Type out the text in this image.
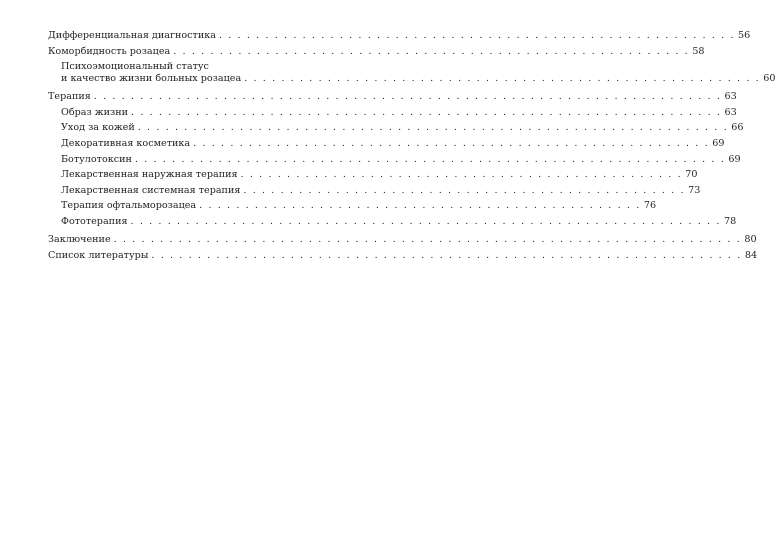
Дифференциальная диагностика . . . . . . . . . . . . . . . . . . . . . . . . . . . . . . . . . . . . . . . . . . . . . . . . . . . . . . . . 56
Коморбидность розацеа . . . . . . . . . . . . . . . . . . . . . . . . . . . . . . . . . . . . . . . . . . . . . . . . . . . . . . . . 58
Психоэмоциональный статус
и качество жизни больных розацеа . . . . . . . . . . . . . . . . . . . . . . . . . . . . . . . . . . . . . . . . . . . . . . . . . . . . . . . . 60
Терапия . . . . . . . . . . . . . . . . . . . . . . . . . . . . . . . . . . . . . . . . . . . . . . . . . . . . . . . . . . . . . . . . . . . . 63
Образ жизни . . . . . . . . . . . . . . . . . . . . . . . . . . . . . . . . . . . . . . . . . . . . . . . . . . . . . . . . . . . . . . . . 63
Уход за кожей . . . . . . . . . . . . . . . . . . . . . . . . . . . . . . . . . . . . . . . . . . . . . . . . . . . . . . . . . . . . . . . . 66
Декоративная косметика . . . . . . . . . . . . . . . . . . . . . . . . . . . . . . . . . . . . . . . . . . . . . . . . . . . . . . . . 69
Ботулотоксин . . . . . . . . . . . . . . . . . . . . . . . . . . . . . . . . . . . . . . . . . . . . . . . . . . . . . . . . . . . . . . . . 69
Лекарственная наружная терапия . . . . . . . . . . . . . . . . . . . . . . . . . . . . . . . . . . . . . . . . . . . . . . . . 70
Лекарственная системная терапия . . . . . . . . . . . . . . . . . . . . . . . . . . . . . . . . . . . . . . . . . . . . . . . . 73
Терапия офтальморозацеа . . . . . . . . . . . . . . . . . . . . . . . . . . . . . . . . . . . . . . . . . . . . . . . . 76
Фототерапия . . . . . . . . . . . . . . . . . . . . . . . . . . . . . . . . . . . . . . . . . . . . . . . . . . . . . . . . . . . . . . . . 78
Заключение . . . . . . . . . . . . . . . . . . . . . . . . . . . . . . . . . . . . . . . . . . . . . . . . . . . . . . . . . . . . . . . . . . . . 80
Список литературы . . . . . . . . . . . . . . . . . . . . . . . . . . . . . . . . . . . . . . . . . . . . . . . . . . . . . . . . . . . . . . . . 84
